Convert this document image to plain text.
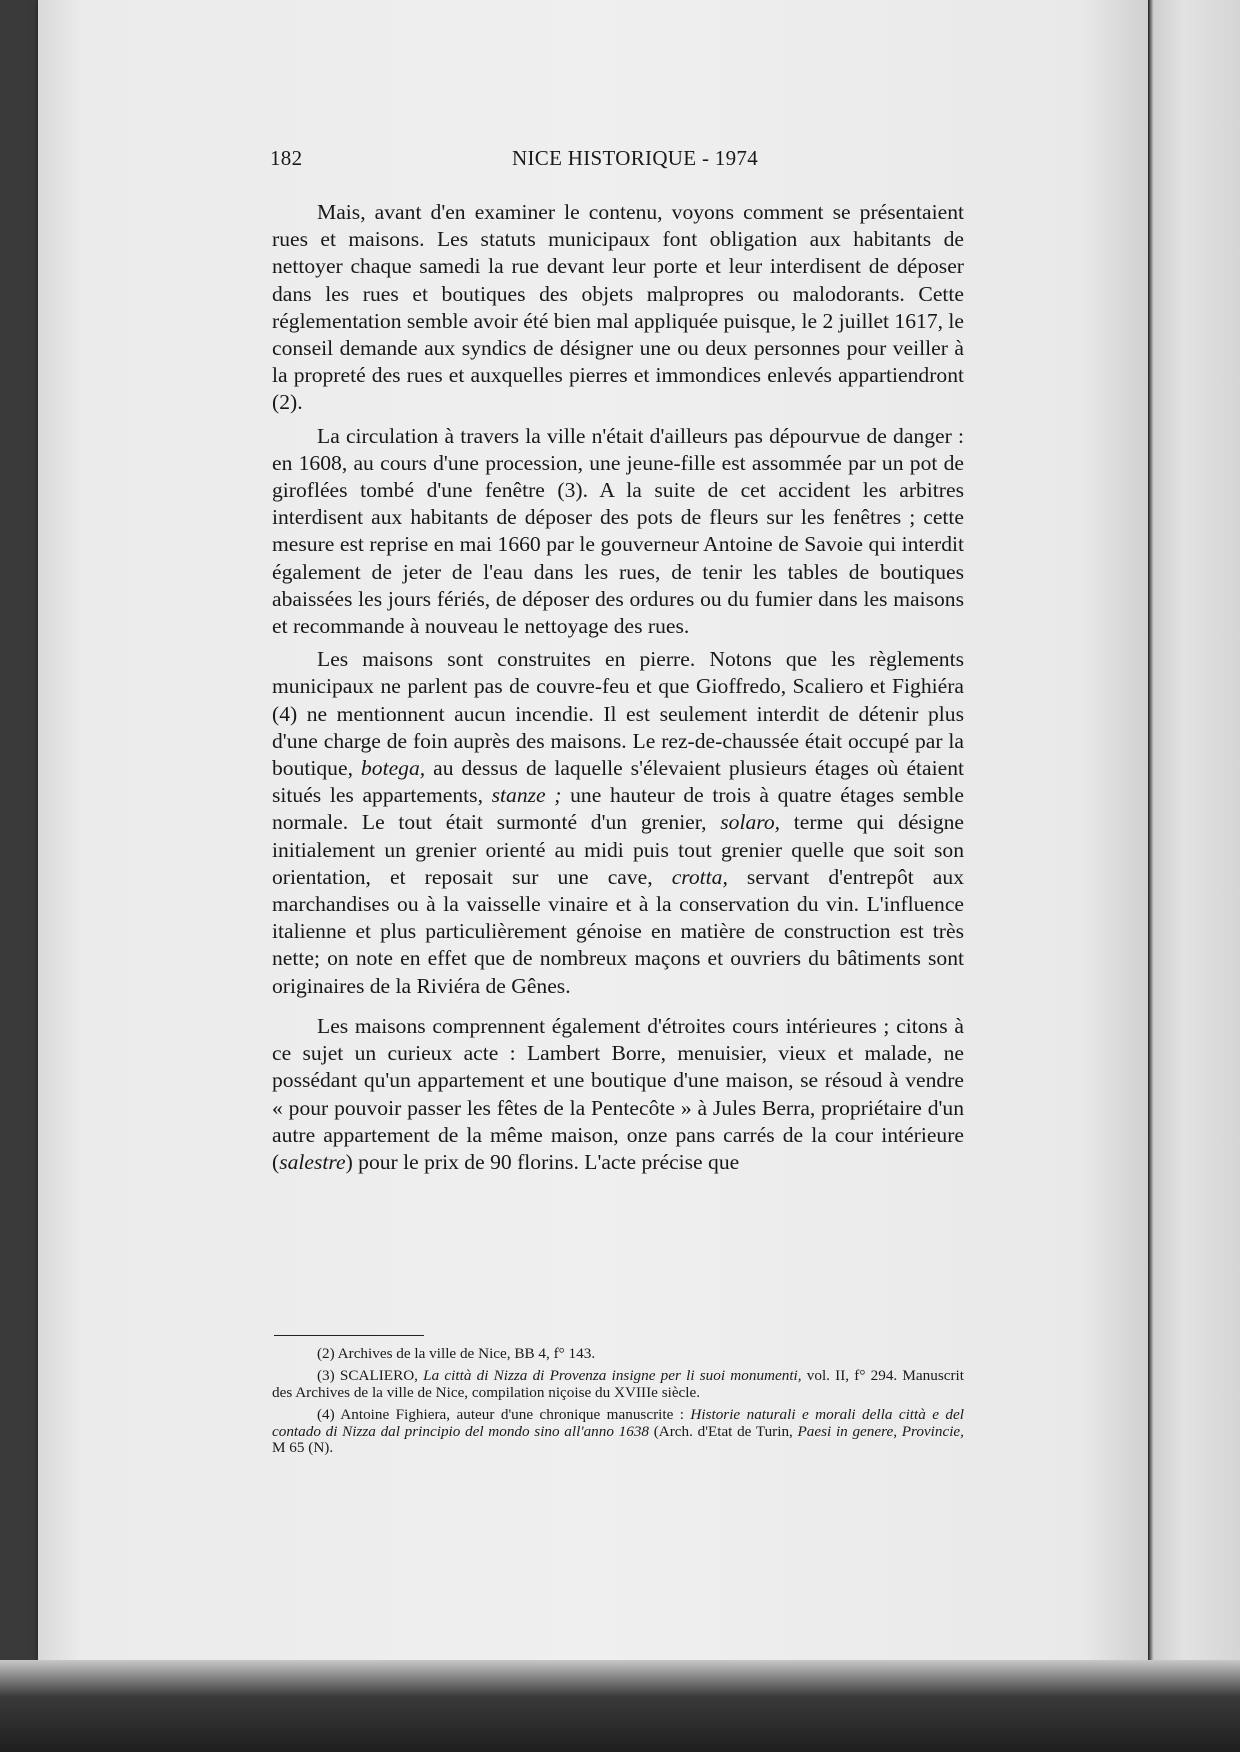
182	NICE HISTORIQUE - 1974

Mais, avant d'en examiner le contenu, voyons comment se présentaient rues et maisons. Les statuts municipaux font obligation aux habitants de nettoyer chaque samedi la rue devant leur porte et leur interdisent de déposer dans les rues et boutiques des objets malpropres ou malodorants. Cette réglementation semble avoir été bien mal appliquée puisque, le 2 juillet 1617, le conseil demande aux syndics de désigner une ou deux personnes pour veiller à la propreté des rues et auxquelles pierres et immondices enlevés appartiendront (2).

La circulation à travers la ville n'était d'ailleurs pas dépourvue de danger : en 1608, au cours d'une procession, une jeune-fille est assommée par un pot de giroflées tombé d'une fenêtre (3). A la suite de cet accident les arbitres interdisent aux habitants de déposer des pots de fleurs sur les fenêtres ; cette mesure est reprise en mai 1660 par le gouverneur Antoine de Savoie qui interdit également de jeter de l'eau dans les rues, de tenir les tables de boutiques abaissées les jours fériés, de déposer des ordures ou du fumier dans les maisons et recommande à nouveau le nettoyage des rues.

Les maisons sont construites en pierre. Notons que les règlements municipaux ne parlent pas de couvre-feu et que Gioffredo, Scaliero et Fighiéra (4) ne mentionnent aucun incendie. Il est seulement interdit de détenir plus d'une charge de foin auprès des maisons. Le rez-de-chaussée était occupé par la boutique, botega, au dessus de laquelle s'élevaient plusieurs étages où étaient situés les appartements, stanze ; une hauteur de trois à quatre étages semble normale. Le tout était surmonté d'un grenier, solaro, terme qui désigne initialement un grenier orienté au midi puis tout grenier quelle que soit son orientation, et reposait sur une cave, crotta, servant d'entrepôt aux marchandises ou à la vaisselle vinaire et à la conservation du vin. L'influence italienne et plus particulièrement génoise en matière de construction est très nette; on note en effet que de nombreux maçons et ouvriers du bâtiments sont originaires de la Riviéra de Gênes.

Les maisons comprennent également d'étroites cours intérieures ; citons à ce sujet un curieux acte : Lambert Borre, menuisier, vieux et malade, ne possédant qu'un appartement et une boutique d'une maison, se résoud à vendre « pour pouvoir passer les fêtes de la Pentecôte » à Jules Berra, propriétaire d'un autre appartement de la même maison, onze pans carrés de la cour intérieure (salestre) pour le prix de 90 florins. L'acte précise que

(2) Archives de la ville de Nice, BB 4, f° 143.

(3) SCALIERO, La città di Nizza di Provenza insigne per li suoi monumenti, vol. II, f° 294. Manuscrit des Archives de la ville de Nice, compilation niçoise du XVIIIe siècle.

(4) Antoine Fighiera, auteur d'une chronique manuscrite : Historie naturali e morali della città e del contado di Nizza dal principio del mondo sino all'anno 1638 (Arch. d'Etat de Turin, Paesi in genere, Provincie, M 65 (N).
